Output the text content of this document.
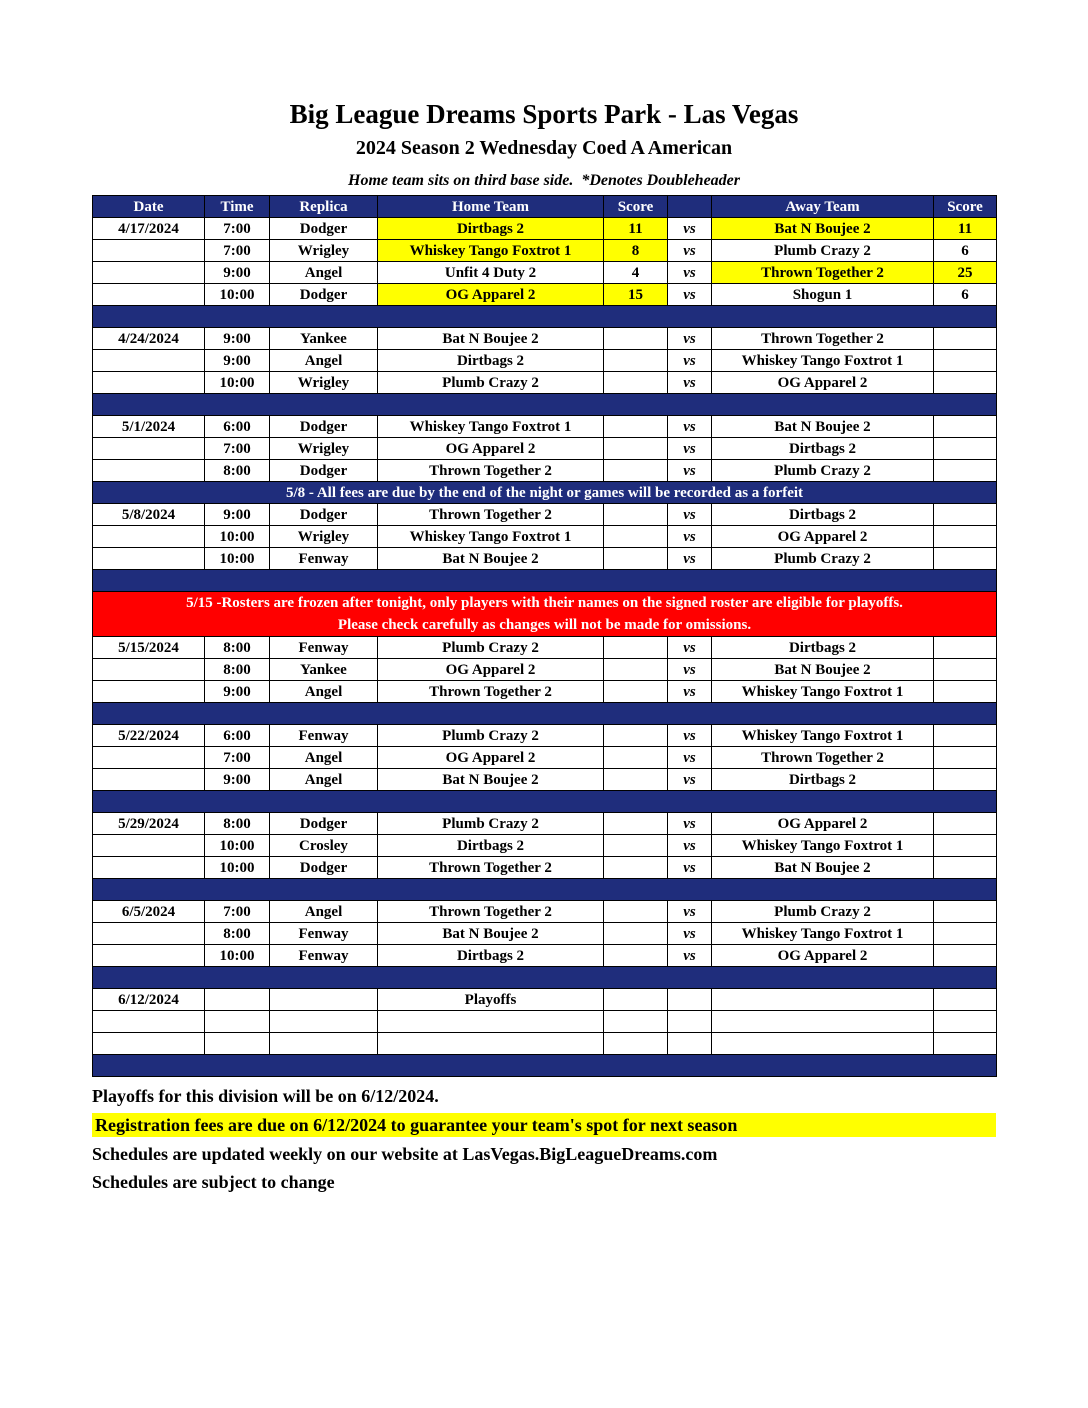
Big League Dreams Sports Park - Las Vegas
2024 Season 2 Wednesday Coed A American
Home team sits on third base side.  *Denotes Doubleheader
Date	Time	Replica	Home Team	Score		Away Team	Score
4/17/2024	7:00	Dodger	Dirtbags 2	11	vs	Bat N Boujee 2	11
	7:00	Wrigley	Whiskey Tango Foxtrot 1	8	vs	Plumb Crazy 2	6
	9:00	Angel	Unfit 4 Duty 2	4	vs	Thrown Together 2	25
	10:00	Dodger	OG Apparel 2	15	vs	Shogun 1	6

4/24/2024	9:00	Yankee	Bat N Boujee 2		vs	Thrown Together 2	
	9:00	Angel	Dirtbags 2		vs	Whiskey Tango Foxtrot 1	
	10:00	Wrigley	Plumb Crazy 2		vs	OG Apparel 2	

5/1/2024	6:00	Dodger	Whiskey Tango Foxtrot 1		vs	Bat N Boujee 2	
	7:00	Wrigley	OG Apparel 2		vs	Dirtbags 2	
	8:00	Dodger	Thrown Together 2		vs	Plumb Crazy 2	
5/8 - All fees are due by the end of the night or games will be recorded as a forfeit							
5/8/2024	9:00	Dodger	Thrown Together 2		vs	Dirtbags 2	
	10:00	Wrigley	Whiskey Tango Foxtrot 1		vs	OG Apparel 2	
	10:00	Fenway	Bat N Boujee 2		vs	Plumb Crazy 2	

5/15 -Rosters are frozen after tonight, only players with their names on the signed roster are eligible for playoffs.
Please check carefully as changes will not be made for omissions.							

5/15/2024	8:00	Fenway	Plumb Crazy 2		vs	Dirtbags 2	
	8:00	Yankee	OG Apparel 2		vs	Bat N Boujee 2	
	9:00	Angel	Thrown Together 2		vs	Whiskey Tango Foxtrot 1	

5/22/2024	6:00	Fenway	Plumb Crazy 2		vs	Whiskey Tango Foxtrot 1	
	7:00	Angel	OG Apparel 2		vs	Thrown Together 2	
	9:00	Angel	Bat N Boujee 2		vs	Dirtbags 2	

5/29/2024	8:00	Dodger	Plumb Crazy 2		vs	OG Apparel 2	
	10:00	Crosley	Dirtbags 2		vs	Whiskey Tango Foxtrot 1	
	10:00	Dodger	Thrown Together 2		vs	Bat N Boujee 2	

6/5/2024	7:00	Angel	Thrown Together 2		vs	Plumb Crazy 2	
	8:00	Fenway	Bat N Boujee 2		vs	Whiskey Tango Foxtrot 1	
	10:00	Fenway	Dirtbags 2		vs	OG Apparel 2	

6/12/2024			Playoffs				

Playoffs for this division will be on 6/12/2024.
Registration fees are due on 6/12/2024 to guarantee your team's spot for next season
Schedules are updated weekly on our website at LasVegas.BigLeagueDreams.com
Schedules are subject to change
